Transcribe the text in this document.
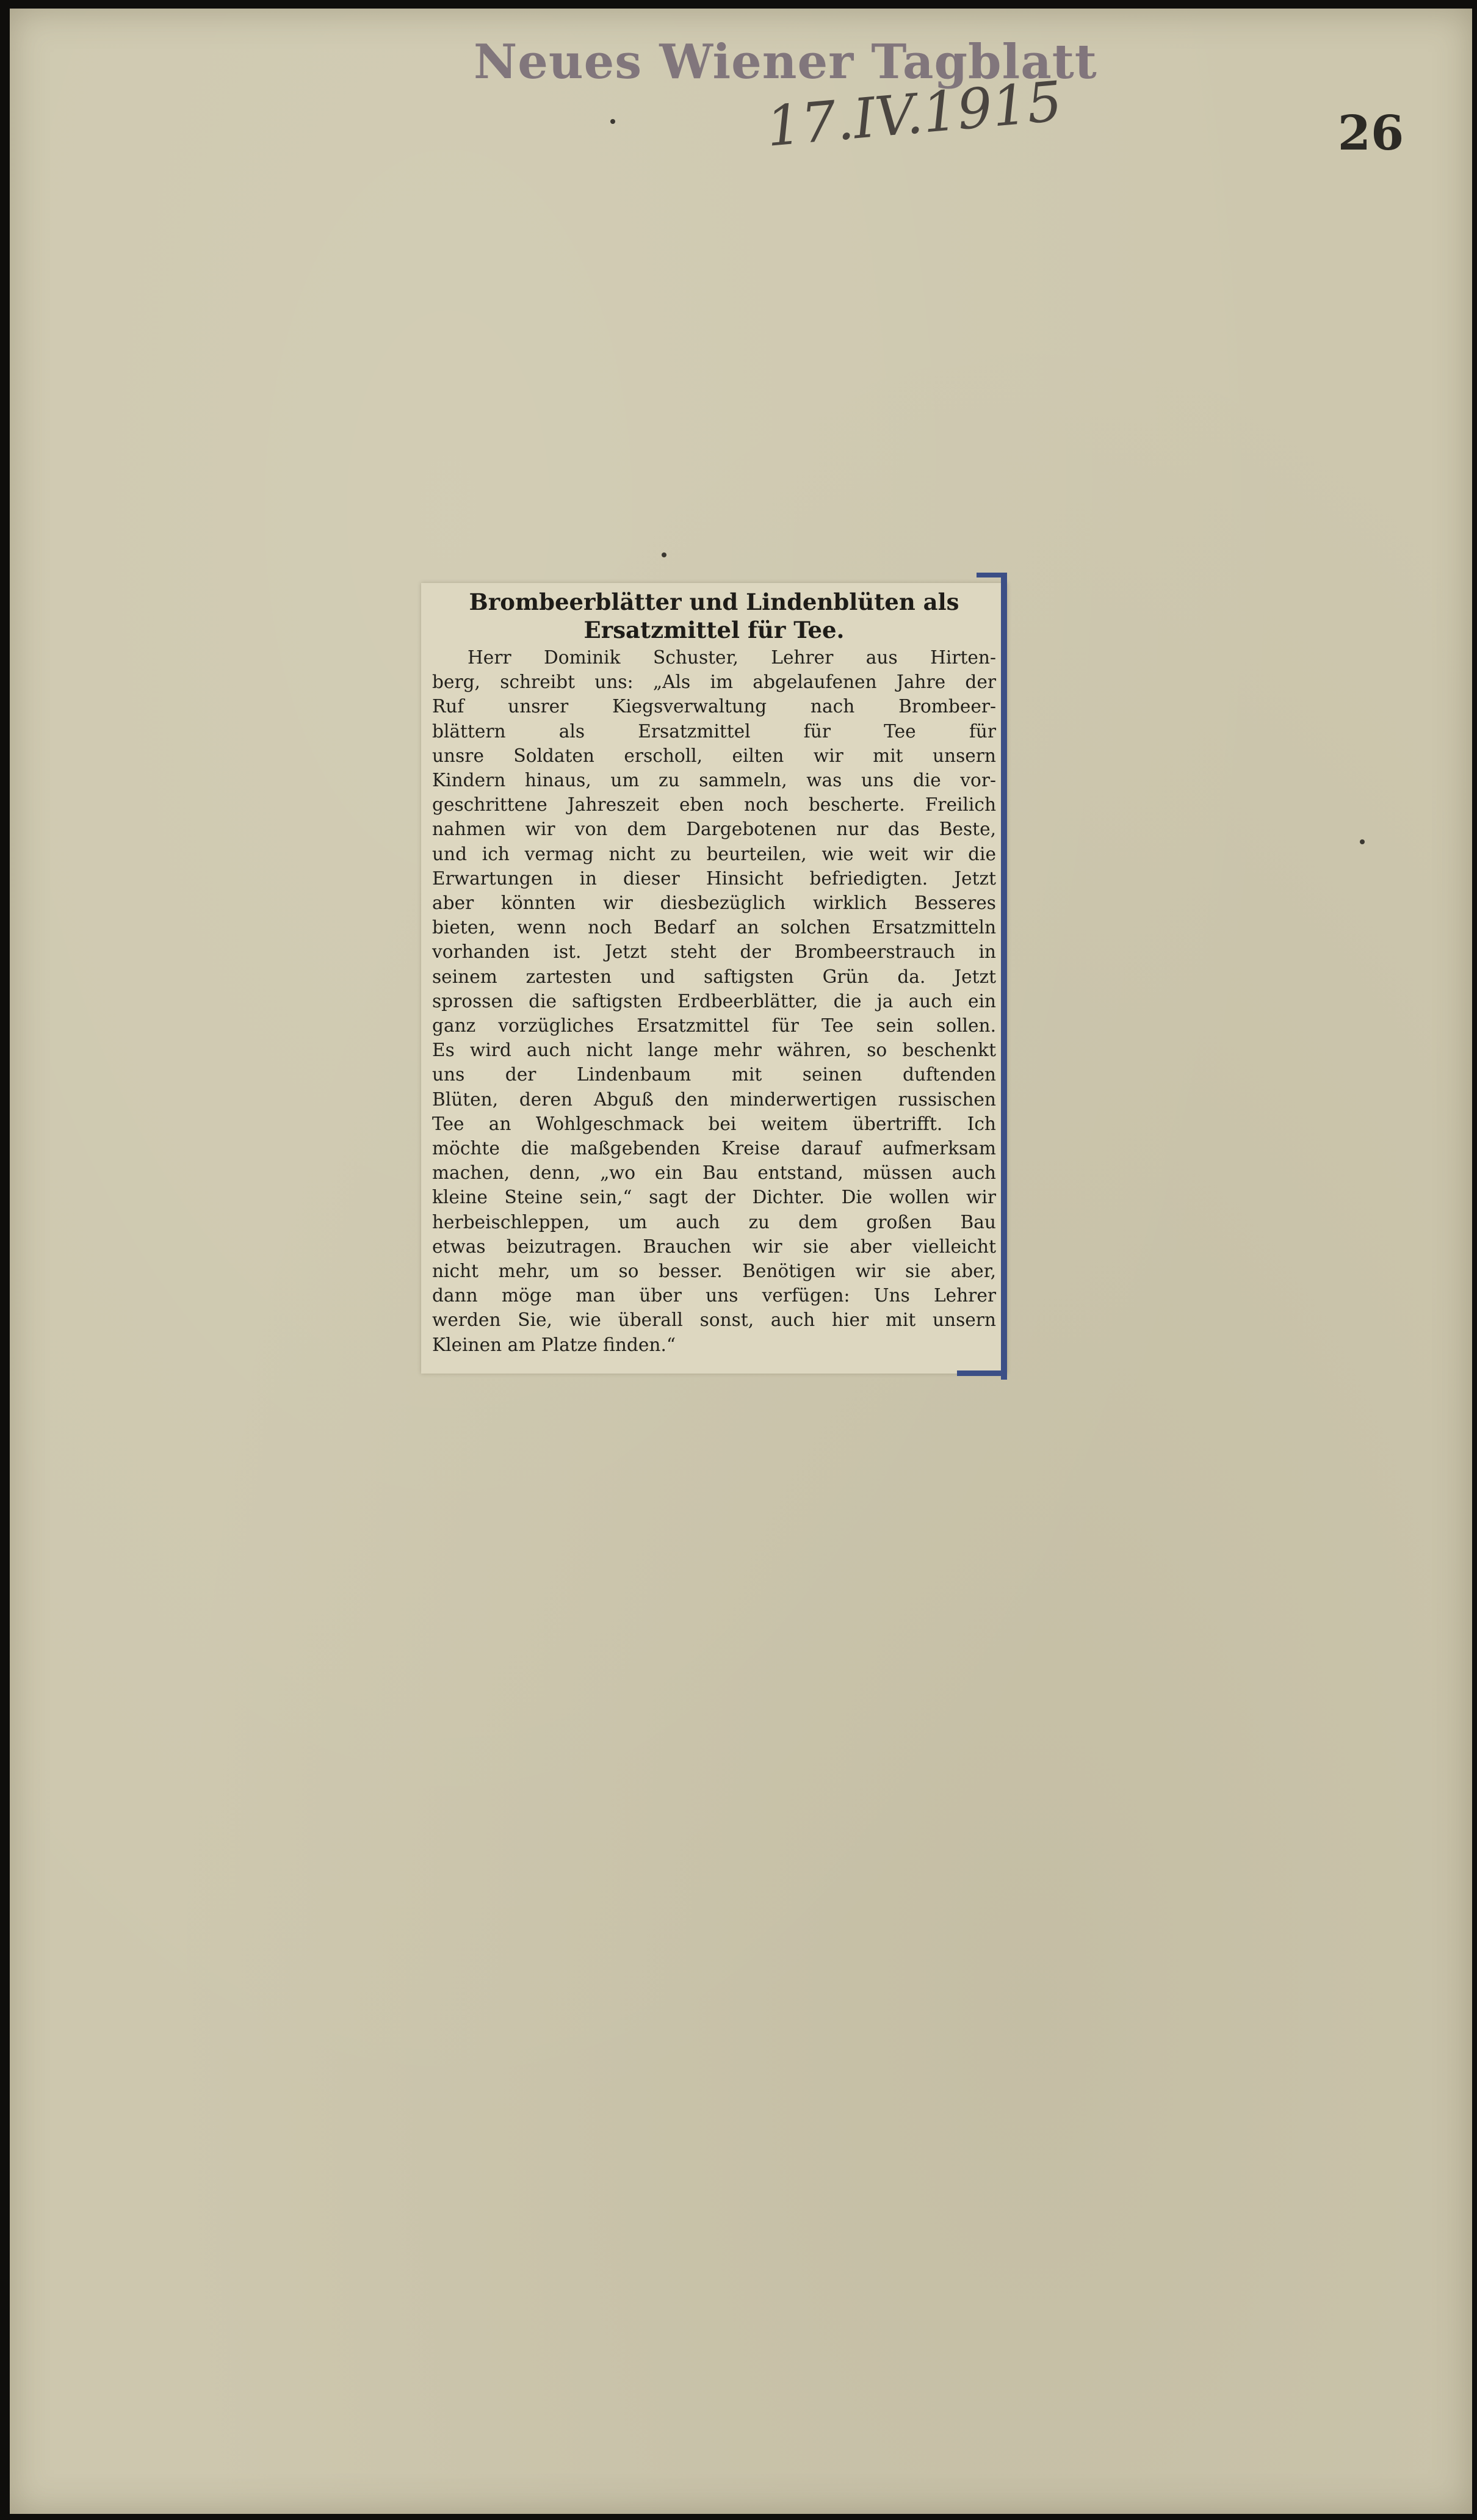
Neues Wiener Tagblatt
17.IV.1915	26
Brombeerblätter und Lindenblüten als
Ersatzmittel für Tee.
Herr Dominik Schuster, Lehrer aus Hirten-
berg, schreibt uns: „Als im abgelaufenen Jahre der
Ruf unsrer Kiegsverwaltung nach Brombeer-
blättern als Ersatzmittel für Tee für
unsre Soldaten erscholl, eilten wir mit unsern
Kindern hinaus, um zu sammeln, was uns die vor-
geschrittene Jahreszeit eben noch bescherte. Freilich
nahmen wir von dem Dargebotenen nur das Beste,
und ich vermag nicht zu beurteilen, wie weit wir die
Erwartungen in dieser Hinsicht befriedigten. Jetzt
aber könnten wir diesbezüglich wirklich Besseres
bieten, wenn noch Bedarf an solchen Ersatzmitteln
vorhanden ist. Jetzt steht der Brombeerstrauch in
seinem zartesten und saftigsten Grün da. Jetzt
sprossen die saftigsten Erdbeerblätter, die ja auch ein
ganz vorzügliches Ersatzmittel für Tee sein sollen.
Es wird auch nicht lange mehr währen, so beschenkt
uns der Lindenbaum mit seinen duftenden
Blüten, deren Abguß den minderwertigen russischen
Tee an Wohlgeschmack bei weitem übertrifft. Ich
möchte die maßgebenden Kreise darauf aufmerksam
machen, denn, „wo ein Bau entstand, müssen auch
kleine Steine sein,“ sagt der Dichter. Die wollen wir
herbeischleppen, um auch zu dem großen Bau
etwas beizutragen. Brauchen wir sie aber vielleicht
nicht mehr, um so besser. Benötigen wir sie aber,
dann möge man über uns verfügen: Uns Lehrer
werden Sie, wie überall sonst, auch hier mit unsern
Kleinen am Platze finden.“
